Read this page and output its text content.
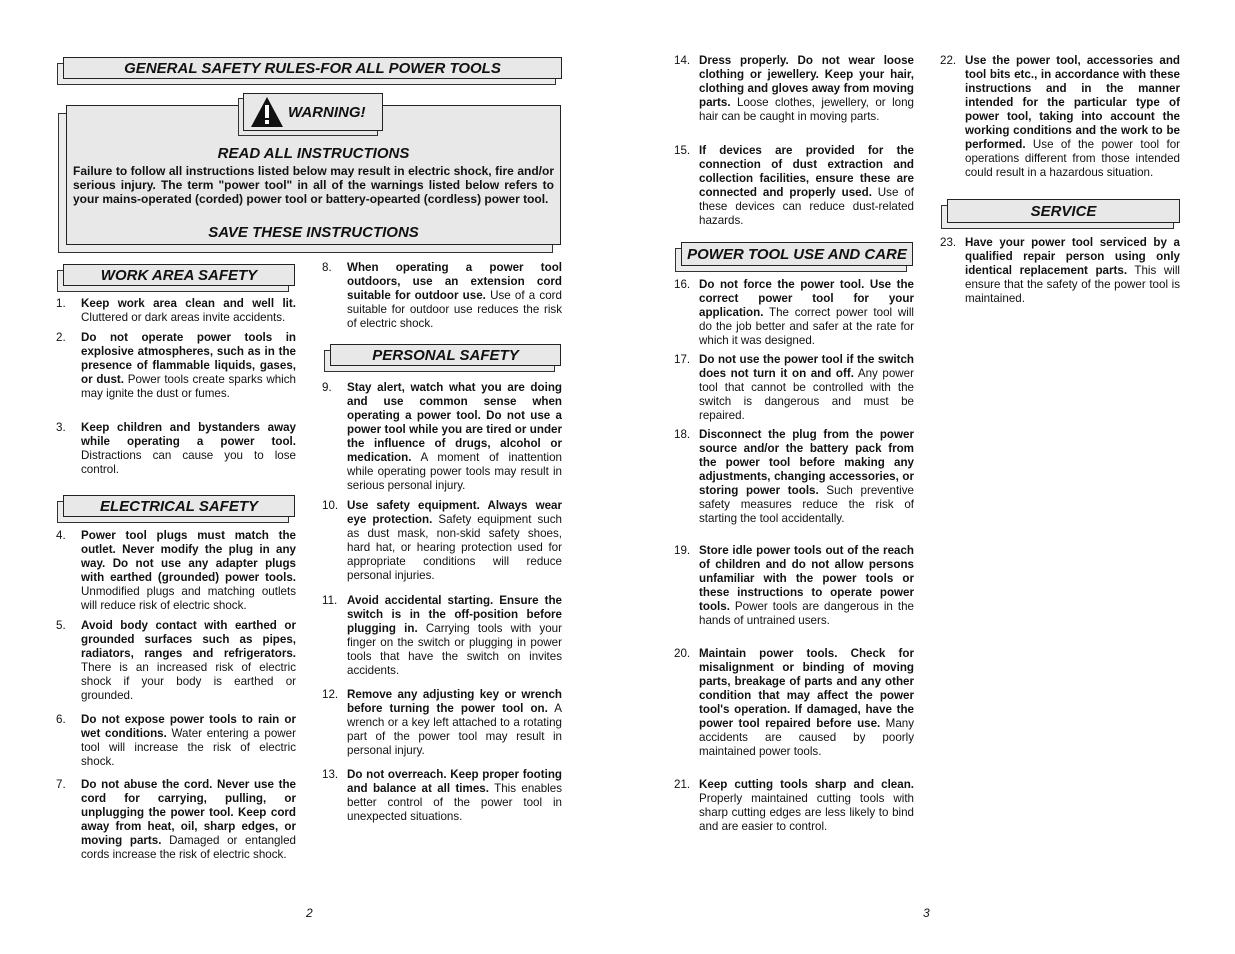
GENERAL SAFETY RULES-FOR ALL POWER TOOLS
WARNING!
READ ALL INSTRUCTIONS
Failure to follow all instructions listed below may result in electric shock, fire and/or serious injury. The term "power tool" in all of the warnings listed below refers to your mains-operated (corded) power tool or battery-opearted (cordless) power tool.
SAVE THESE INSTRUCTIONS
WORK AREA SAFETY
ELECTRICAL SAFETY
PERSONAL SAFETY
POWER TOOL USE AND CARE
SERVICE
1. Keep work area clean and well lit. Cluttered or dark areas invite accidents.
2. Do not operate power tools in explosive atmospheres, such as in the presence of flammable liquids, gases, or dust. Power tools create sparks which may ignite the dust or fumes.
3. Keep children and bystanders away while operating a power tool. Distractions can cause you to lose control.
4. Power tool plugs must match the outlet. Never modify the plug in any way. Do not use any adapter plugs with earthed (grounded) power tools. Unmodified plugs and matching outlets will reduce risk of electric shock.
5. Avoid body contact with earthed or grounded surfaces such as pipes, radiators, ranges and refrigerators. There is an increased risk of electric shock if your body is earthed or grounded.
6. Do not expose power tools to rain or wet conditions. Water entering a power tool will increase the risk of electric shock.
7. Do not abuse the cord. Never use the cord for carrying, pulling, or unplugging the power tool. Keep cord away from heat, oil, sharp edges, or moving parts. Damaged or entangled cords increase the risk of electric shock.
8. When operating a power tool outdoors, use an extension cord suitable for outdoor use. Use of a cord suitable for outdoor use reduces the risk of electric shock.
9. Stay alert, watch what you are doing and use common sense when operating a power tool. Do not use a power tool while you are tired or under the influence of drugs, alcohol or medication. A moment of inattention while operating power tools may result in serious personal injury.
10. Use safety equipment. Always wear eye protection. Safety equipment such as dust mask, non-skid safety shoes, hard hat, or hearing protection used for appropriate conditions will reduce personal injuries.
11. Avoid accidental starting. Ensure the switch is in the off-position before plugging in. Carrying tools with your finger on the switch or plugging in power tools that have the switch on invites accidents.
12. Remove any adjusting key or wrench before turning the power tool on. A wrench or a key left attached to a rotating part of the power tool may result in personal injury.
13. Do not overreach. Keep proper footing and balance at all times. This enables better control of the power tool in unexpected situations.
14. Dress properly. Do not wear loose clothing or jewellery. Keep your hair, clothing and gloves away from moving parts. Loose clothes, jewellery, or long hair can be caught in moving parts.
15. If devices are provided for the connection of dust extraction and collection facilities, ensure these are connected and properly used. Use of these devices can reduce dust-related hazards.
16. Do not force the power tool. Use the correct power tool for your application. The correct power tool will do the job better and safer at the rate for which it was designed.
17. Do not use the power tool if the switch does not turn it on and off. Any power tool that cannot be controlled with the switch is dangerous and must be repaired.
18. Disconnect the plug from the power source and/or the battery pack from the power tool before making any adjustments, changing accessories, or storing power tools. Such preventive safety measures reduce the risk of starting the tool accidentally.
19. Store idle power tools out of the reach of children and do not allow persons unfamiliar with the power tools or these instructions to operate power tools. Power tools are dangerous in the hands of untrained users.
20. Maintain power tools. Check for misalignment or binding of moving parts, breakage of parts and any other condition that may affect the power tool's operation. If damaged, have the power tool repaired before use. Many accidents are caused by poorly maintained power tools.
21. Keep cutting tools sharp and clean. Properly maintained cutting tools with sharp cutting edges are less likely to bind and are easier to control.
22. Use the power tool, accessories and tool bits etc., in accordance with these instructions and in the manner intended for the particular type of power tool, taking into account the working conditions and the work to be performed. Use of the power tool for operations different from those intended could result in a hazardous situation.
23. Have your power tool serviced by a qualified repair person using only identical replacement parts. This will ensure that the safety of the power tool is maintained.
2	3
